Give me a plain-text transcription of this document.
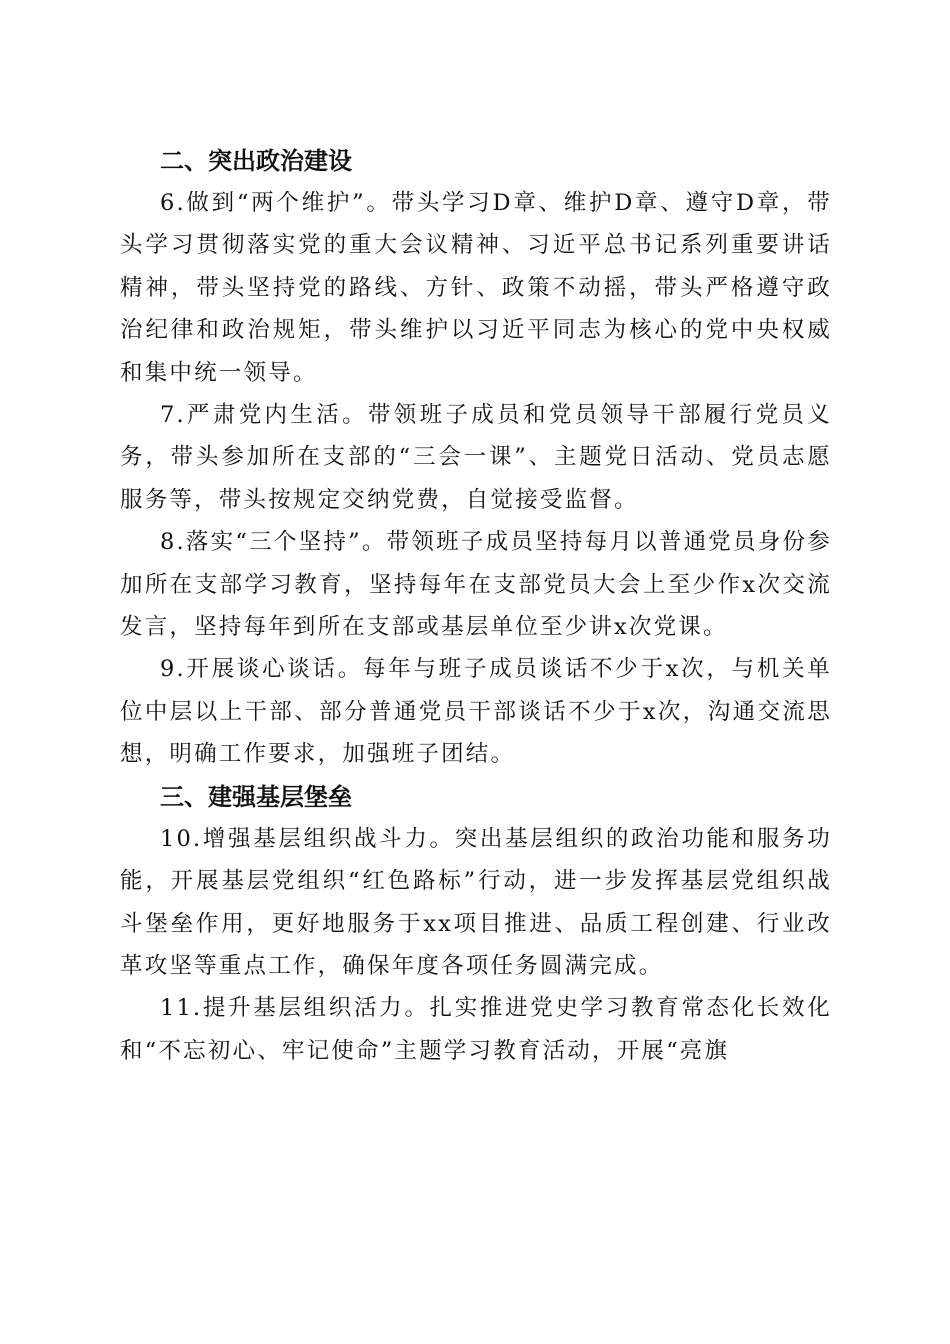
二、突出政治建设

6.做到“两个维护”。带头学习D章、维护D章、遵守D章，带头学习贯彻落实党的重大会议精神、习近平总书记系列重要讲话精神，带头坚持党的路线、方针、政策不动摇，带头严格遵守政治纪律和政治规矩，带头维护以习近平同志为核心的党中央权威和集中统一领导。

7.严肃党内生活。带领班子成员和党员领导干部履行党员义务，带头参加所在支部的“三会一课”、主题党日活动、党员志愿服务等，带头按规定交纳党费，自觉接受监督。

8.落实“三个坚持”。带领班子成员坚持每月以普通党员身份参加所在支部学习教育，坚持每年在支部党员大会上至少作x次交流发言，坚持每年到所在支部或基层单位至少讲x次党课。

9.开展谈心谈话。每年与班子成员谈话不少于x次，与机关单位中层以上干部、部分普通党员干部谈话不少于x次，沟通交流思想，明确工作要求，加强班子团结。

三、建强基层堡垒

10.增强基层组织战斗力。突出基层组织的政治功能和服务功能，开展基层党组织“红色路标”行动，进一步发挥基层党组织战斗堡垒作用，更好地服务于xx项目推进、品质工程创建、行业改革攻坚等重点工作，确保年度各项任务圆满完成。

11.提升基层组织活力。扎实推进党史学习教育常态化长效化和“不忘初心、牢记使命”主题学习教育活动，开展“亮旗
